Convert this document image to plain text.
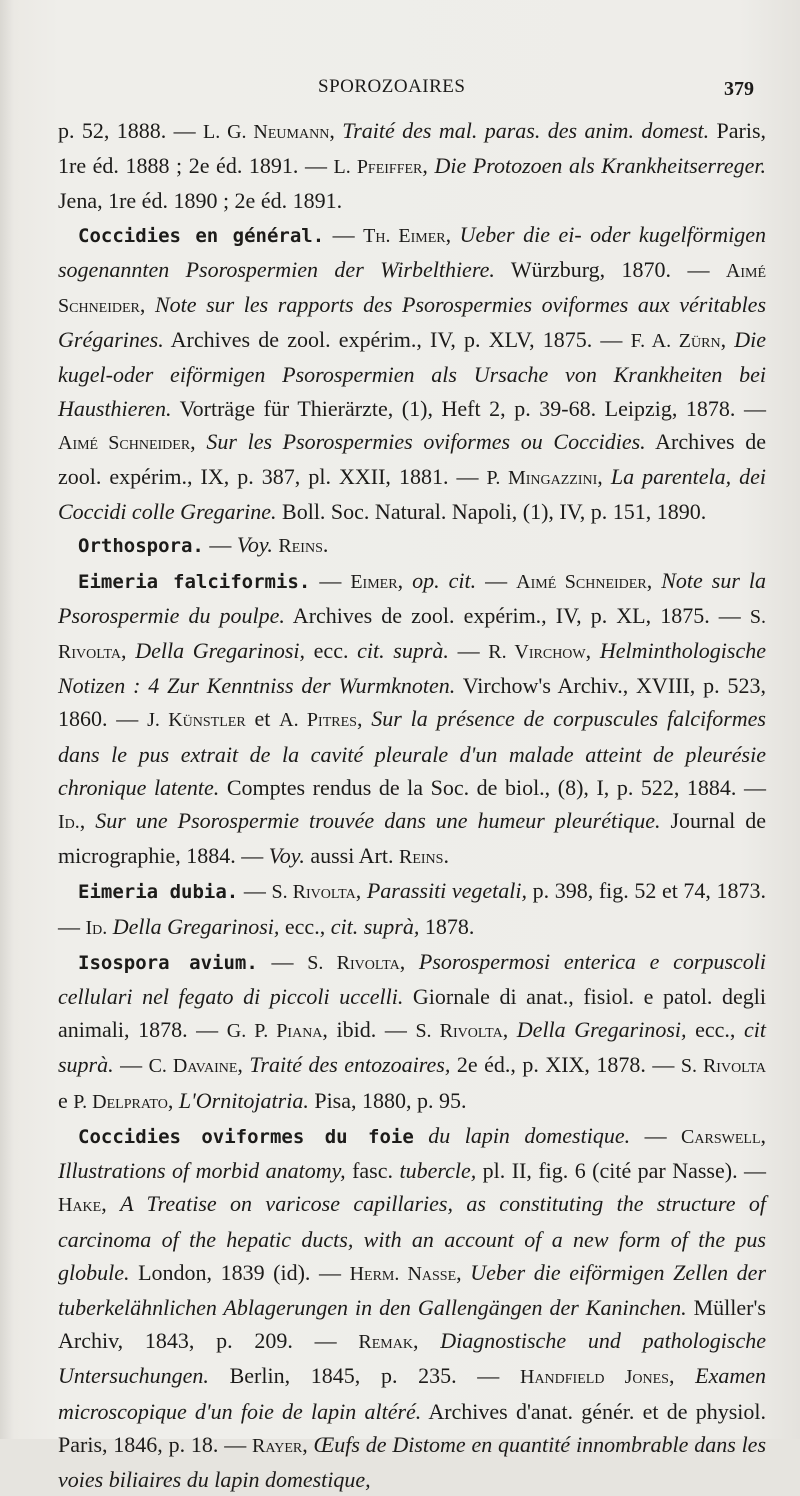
SPOROZOAIRES	379

p. 52, 1888. — L. G. Neumann, Traité des mal. paras. des anim. domest. Paris, 1re éd. 1888 ; 2e éd. 1891. — L. Pfeiffer, Die Protozoen als Krankheitserreger. Jena, 1re éd. 1890 ; 2e éd. 1891.

Coccidies en général. — Th. Eimer, Ueber die ei- oder kugelförmigen sogenannten Psorospermien der Wirbelthiere. Würzburg, 1870. — Aimé Schneider, Note sur les rapports des Psorospermies oviformes aux véritables Grégarines. Archives de zool. expérim., IV, p. XLV, 1875. — F. A. Zürn, Die kugel-oder eiförmigen Psorospermien als Ursache von Krankheiten bei Hausthieren. Vorträge für Thierärzte, (1), Heft 2, p. 39-68. Leipzig, 1878. — Aimé Schneider, Sur les Psorospermies oviformes ou Coccidies. Archives de zool. expérim., IX, p. 387, pl. XXII, 1881. — P. Mingazzini, La parentela, dei Coccidi colle Gregarine. Boll. Soc. Natural. Napoli, (1), IV, p. 151, 1890.

Orthospora. — Voy. Reins.

Eimeria falciformis. — Eimer, op. cit. — Aimé Schneider, Note sur la Psorospermie du poulpe. Archives de zool. expérim., IV, p. XL, 1875. — S. Rivolta, Della Gregarinosi, ecc. cit. suprà. — R. Virchow, Helminthologische Notizen : 4 Zur Kenntniss der Wurmknoten. Virchow's Archiv., XVIII, p. 523, 1860. — J. Künstler et A. Pitres, Sur la présence de corpuscules falciformes dans le pus extrait de la cavité pleurale d'un malade atteint de pleurésie chronique latente. Comptes rendus de la Soc. de biol., (8), I, p. 522, 1884. — Id., Sur une Psorospermie trouvée dans une humeur pleurétique. Journal de micrographie, 1884. — Voy. aussi Art. Reins.

Eimeria dubia. — S. Rivolta, Parassiti vegetali, p. 398, fig. 52 et 74, 1873. — Id. Della Gregarinosi, ecc., cit. suprà, 1878.

Isospora avium. — S. Rivolta, Psorospermosi enterica e corpuscoli cellulari nel fegato di piccoli uccelli. Giornale di anat., fisiol. e patol. degli animali, 1878. — G. P. Piana, ibid. — S. Rivolta, Della Gregarinosi, ecc., cit suprà. — C. Davaine, Traité des entozoaires, 2e éd., p. XIX, 1878. — S. Rivolta e P. Delprato, L'Ornitojatria. Pisa, 1880, p. 95.

Coccidies oviformes du foie du lapin domestique. — Carswell, Illustrations of morbid anatomy, fasc. tubercle, pl. II, fig. 6 (cité par Nasse). — Hake, A Treatise on varicose capillaries, as constituting the structure of carcinoma of the hepatic ducts, with an account of a new form of the pus globule. London, 1839 (id). — Herm. Nasse, Ueber die eiförmigen Zellen der tuberkelähnlichen Ablagerungen in den Gallengängen der Kaninchen. Müller's Archiv, 1843, p. 209. — Remak, Diagnostische und pathologische Untersuchungen. Berlin, 1845, p. 235. — Handfield Jones, Examen microscopique d'un foie de lapin altéré. Archives d'anat. génér. et de physiol. Paris, 1846, p. 18. — Rayer, Œufs de Distome en quantité innombrable dans les voies biliaires du lapin domestique,
